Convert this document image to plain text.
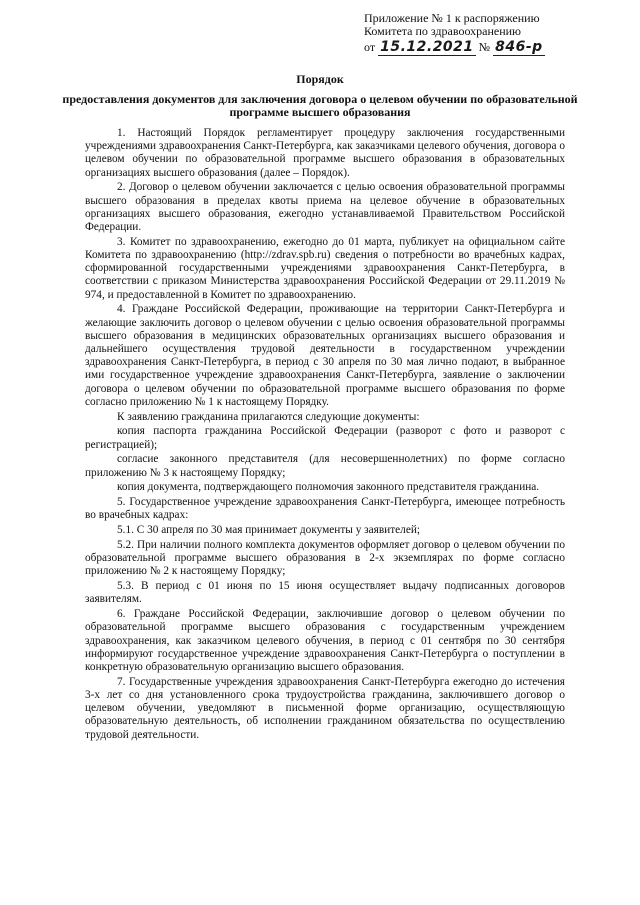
Приложение № 1 к распоряжению
Комитета по здравоохранению
от 15.12.2021 № 846-р
Порядок
предоставления документов для заключения договора о целевом обучении по образовательной программе высшего образования

1. Настоящий Порядок регламентирует процедуру заключения государственными учреждениями здравоохранения Санкт-Петербурга, как заказчиками целевого обучения, договора о целевом обучении по образовательной программе высшего образования в образовательных организациях высшего образования (далее – Порядок).

2. Договор о целевом обучении заключается с целью освоения образовательной программы высшего образования в пределах квоты приема на целевое обучение в образовательных организациях высшего образования, ежегодно устанавливаемой Правительством Российской Федерации.

3. Комитет по здравоохранению, ежегодно до 01 марта, публикует на официальном сайте Комитета по здравоохранению (http://zdrav.spb.ru) сведения о потребности во врачебных кадрах, сформированной государственными учреждениями здравоохранения Санкт-Петербурга, в соответствии с приказом Министерства здравоохранения Российской Федерации от 29.11.2019 № 974, и предоставленной в Комитет по здравоохранению.

4. Граждане Российской Федерации, проживающие на территории Санкт-Петербурга и желающие заключить договор о целевом обучении с целью освоения образовательной программы высшего образования в медицинских образовательных организациях высшего образования и дальнейшего осуществления трудовой деятельности в государственном учреждении здравоохранения Санкт-Петербурга, в период с 30 апреля по 30 мая лично подают, в выбранное ими государственное учреждение здравоохранения Санкт-Петербурга, заявление о заключении договора о целевом обучении по образовательной программе высшего образования по форме согласно приложению № 1 к настоящему Порядку.

К заявлению гражданина прилагаются следующие документы:

копия паспорта гражданина Российской Федерации (разворот с фото и разворот с регистрацией);

согласие законного представителя (для несовершеннолетних) по форме согласно приложению № 3 к настоящему Порядку;

копия документа, подтверждающего полномочия законного представителя гражданина.

5. Государственное учреждение здравоохранения Санкт-Петербурга, имеющее потребность во врачебных кадрах:

5.1. С 30 апреля по 30 мая принимает документы у заявителей;

5.2. При наличии полного комплекта документов оформляет договор о целевом обучении по образовательной программе высшего образования в 2-х экземплярах по форме согласно приложению № 2 к настоящему Порядку;

5.3. В период с 01 июня по 15 июня осуществляет выдачу подписанных договоров заявителям.

6. Граждане Российской Федерации, заключившие договор о целевом обучении по образовательной программе высшего образования с государственным учреждением здравоохранения, как заказчиком целевого обучения, в период с 01 сентября по 30 сентября информируют государственное учреждение здравоохранения Санкт-Петербурга о поступлении в конкретную образовательную организацию высшего образования.

7. Государственные учреждения здравоохранения Санкт-Петербурга ежегодно до истечения 3-х лет со дня установленного срока трудоустройства гражданина, заключившего договор о целевом обучении, уведомляют в письменной форме организацию, осуществляющую образовательную деятельность, об исполнении гражданином обязательства по осуществлению трудовой деятельности.
